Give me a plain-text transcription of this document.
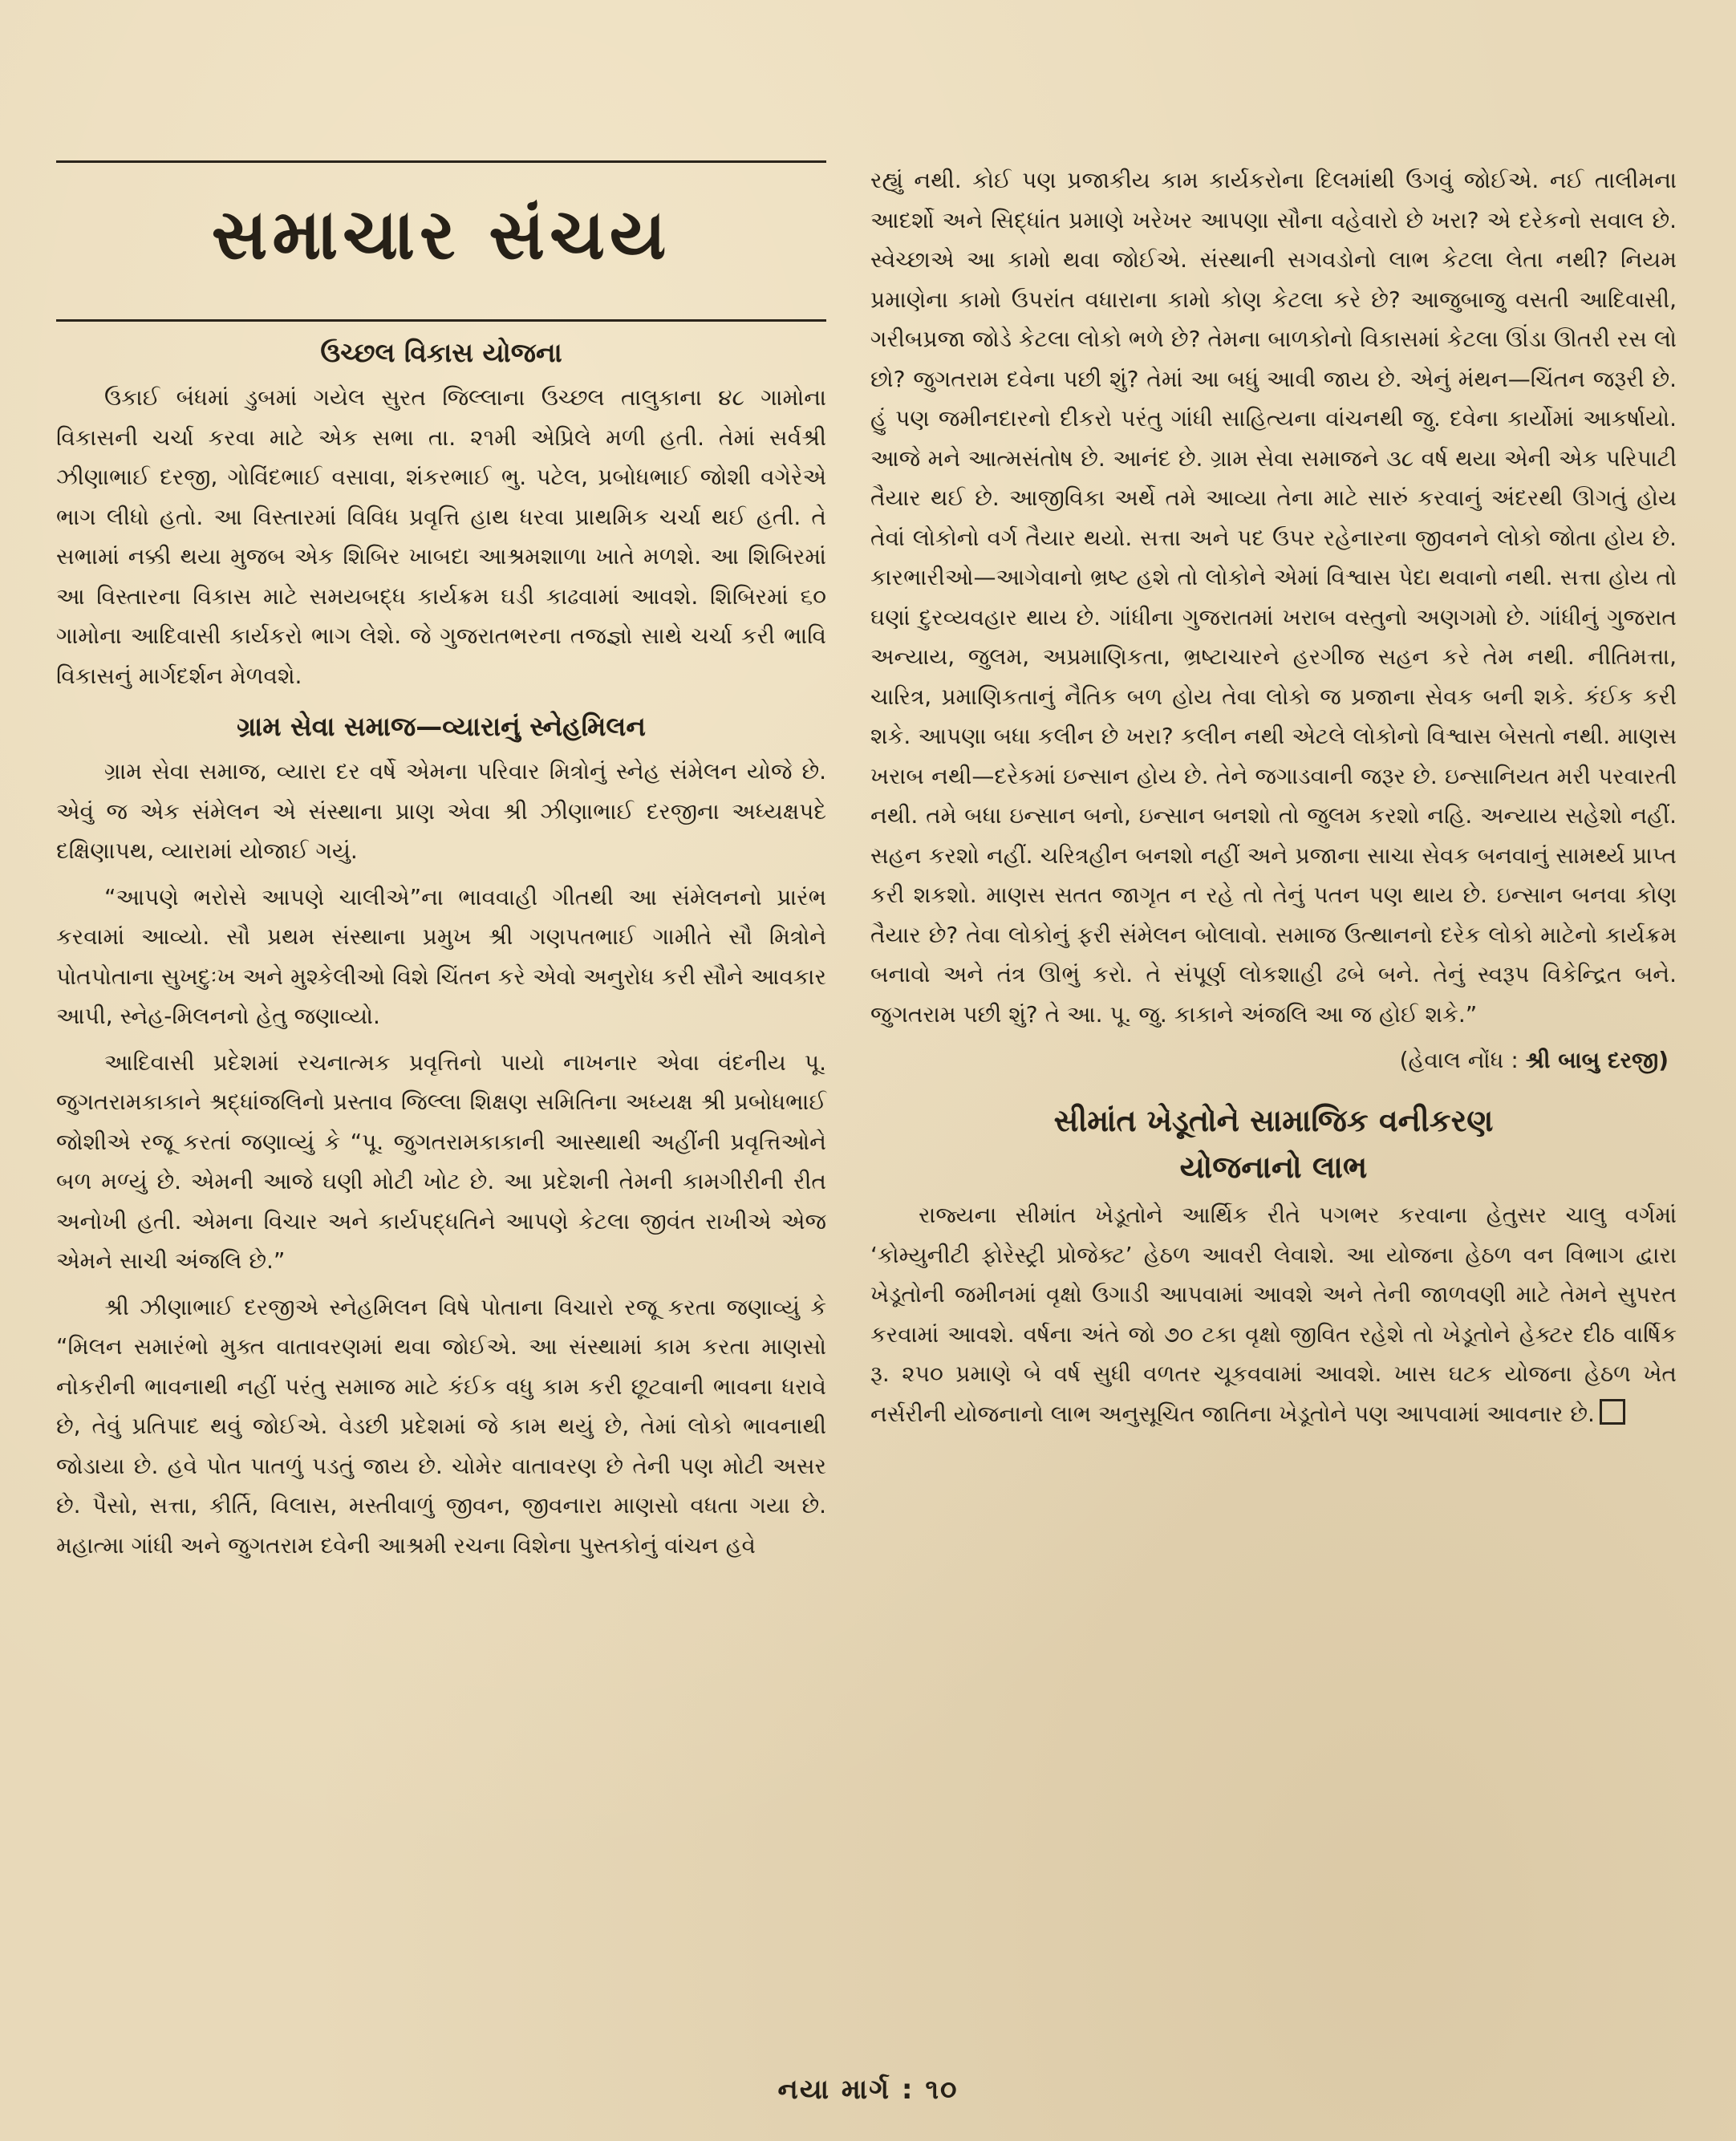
સમાચાર સંચય
ઉચ્છલ વિકાસ યોજના

ઉકાઈ બંધમાં ડુબમાં ગયેલ સુરત જિલ્લાના ઉચ્છલ તાલુકાના ૪૮ ગામોના વિકાસની ચર્ચા કરવા માટે એક સભા તા. ૨૧મી એપ્રિલે મળી હતી. તેમાં સર્વશ્રી ઝીણાભાઈ દરજી, ગોવિંદભાઈ વસાવા, શંકરભાઈ ભુ. પટેલ, પ્રબોધભાઈ જોશી વગેરેએ ભાગ લીધો હતો. આ વિસ્તારમાં વિવિધ પ્રવૃત્તિ હાથ ધરવા પ્રાથમિક ચર્ચા થઈ હતી. તે સભામાં નક્કી થયા મુજબ એક શિબિર ખાબદા આશ્રમશાળા ખાતે મળશે. આ શિબિરમાં આ વિસ્તારના વિકાસ માટે સમયબદ્ધ કાર્યક્રમ ઘડી કાઢવામાં આવશે. શિબિરમાં ૬૦ ગામોના આદિવાસી કાર્યકરો ભાગ લેશે. જે ગુજરાતભરના તજજ્ઞો સાથે ચર્ચા કરી ભાવિ વિકાસનું માર્ગદર્શન મેળવશે.

ગ્રામ સેવા સમાજ—વ્યારાનું સ્નેહમિલન

ગ્રામ સેવા સમાજ, વ્યારા દર વર્ષે એમના પરિવાર મિત્રોનું સ્નેહ સંમેલન યોજે છે. એવું જ એક સંમેલન એ સંસ્થાના પ્રાણ એવા શ્રી ઝીણાભાઈ દરજીના અધ્યક્ષપદે દક્ષિણાપથ, વ્યારામાં યોજાઈ ગયું.

“આપણે ભરોસે આપણે ચાલીએ”ના ભાવવાહી ગીતથી આ સંમેલનનો પ્રારંભ કરવામાં આવ્યો. સૌ પ્રથમ સંસ્થાના પ્રમુખ શ્રી ગણપતભાઈ ગામીતે સૌ મિત્રોને પોતપોતાના સુખદુઃખ અને મુશ્કેલીઓ વિશે ચિંતન કરે એવો અનુરોધ કરી સૌને આવકાર આપી, સ્નેહ-મિલનનો હેતુ જણાવ્યો.

આદિવાસી પ્રદેશમાં રચનાત્મક પ્રવૃત્તિનો પાયો નાખનાર એવા વંદનીય પૂ. જુગતરામકાકાને શ્રદ્ધાંજલિનો પ્રસ્તાવ જિલ્લા શિક્ષણ સમિતિના અધ્યક્ષ શ્રી પ્રબોધભાઈ જોશીએ રજૂ કરતાં જણાવ્યું કે “પૂ. જુગતરામકાકાની આસ્થાથી અહીંની પ્રવૃત્તિઓને બળ મળ્યું છે. એમની આજે ઘણી મોટી ખોટ છે. આ પ્રદેશની તેમની કામગીરીની રીત અનોખી હતી. એમના વિચાર અને કાર્યપદ્ધતિને આપણે કેટલા જીવંત રાખીએ એજ એમને સાચી અંજલિ છે.”

શ્રી ઝીણાભાઈ દરજીએ સ્નેહમિલન વિષે પોતાના વિચારો રજૂ કરતા જણાવ્યું કે “મિલન સમારંભો મુક્ત વાતાવરણમાં થવા જોઈએ. આ સંસ્થામાં કામ કરતા માણસો નોકરીની ભાવનાથી નહીં પરંતુ સમાજ માટે કંઈક વધુ કામ કરી છૂટવાની ભાવના ધરાવે છે, તેવું પ્રતિપાદ થવું જોઈએ. વેડછી પ્રદેશમાં જે કામ થયું છે, તેમાં લોકો ભાવનાથી જોડાયા છે. હવે પોત પાતળું પડતું જાય છે. ચોમેર વાતાવરણ છે તેની પણ મોટી અસર છે. પૈસો, સત્તા, કીર્તિ, વિલાસ, મસ્તીવાળું જીવન, જીવનારા માણસો વધતા ગયા છે. મહાત્મા ગાંધી અને જુગતરામ દવેની આશ્રમી રચના વિશેના પુસ્તકોનું વાંચન હવે

રહ્યું નથી. કોઈ પણ પ્રજાકીય કામ કાર્યકરોના દિલમાંથી ઉગવું જોઈએ. નઈ તાલીમના આદર્શો અને સિદ્ધાંત પ્રમાણે ખરેખર આપણા સૌના વહેવારો છે ખરા? એ દરેકનો સવાલ છે. સ્વેચ્છાએ આ કામો થવા જોઈએ. સંસ્થાની સગવડોનો લાભ કેટલા લેતા નથી? નિયમ પ્રમાણેના કામો ઉપરાંત વધારાના કામો કોણ કેટલા કરે છે? આજુબાજુ વસતી આદિવાસી, ગરીબપ્રજા જોડે કેટલા લોકો ભળે છે? તેમના બાળકોનો વિકાસમાં કેટલા ઊંડા ઊતરી રસ લો છો? જુગતરામ દવેના પછી શું? તેમાં આ બધું આવી જાય છે. એનું મંથન—ચિંતન જરૂરી છે. હું પણ જમીનદારનો દીકરો પરંતુ ગાંધી સાહિત્યના વાંચનથી જુ. દવેના કાર્યોમાં આકર્ષાયો. આજે મને આત્મસંતોષ છે. આનંદ છે. ગ્રામ સેવા સમાજને ૩૮ વર્ષ થયા એની એક પરિપાટી તૈયાર થઈ છે. આજીવિકા અર્થે તમે આવ્યા તેના માટે સારું કરવાનું અંદરથી ઊગતું હોય તેવાં લોકોનો વર્ગ તૈયાર થયો. સત્તા અને પદ ઉપર રહેનારના જીવનને લોકો જોતા હોય છે. કારભારીઓ—આગેવાનો ભ્રષ્ટ હશે તો લોકોને એમાં વિશ્વાસ પેદા થવાનો નથી. સત્તા હોય તો ઘણાં દુરવ્યવહાર થાય છે. ગાંધીના ગુજરાતમાં ખરાબ વસ્તુનો અણગમો છે. ગાંધીનું ગુજરાત અન્યાય, જુલમ, અપ્રમાણિકતા, ભ્રષ્ટાચારને હરગીજ સહન કરે તેમ નથી. નીતિમત્તા, ચારિત્ર, પ્રમાણિકતાનું નૈતિક બળ હોય તેવા લોકો જ પ્રજાના સેવક બની શકે. કંઈક કરી શકે. આપણા બધા કલીન છે ખરા? કલીન નથી એટલે લોકોનો વિશ્વાસ બેસતો નથી. માણસ ખરાબ નથી—દરેકમાં ઇન્સાન હોય છે. તેને જગાડવાની જરૂર છે. ઇન્સાનિયત મરી પરવારતી નથી. તમે બધા ઇન્સાન બનો, ઇન્સાન બનશો તો જુલમ કરશો નહિ. અન્યાય સહેશો નહીં. સહન કરશો નહીં. ચરિત્રહીન બનશો નહીં અને પ્રજાના સાચા સેવક બનવાનું સામર્થ્ય પ્રાપ્ત કરી શકશો. માણસ સતત જાગૃત ન રહે તો તેનું પતન પણ થાય છે. ઇન્સાન બનવા કોણ તૈયાર છે? તેવા લોકોનું ફરી સંમેલન બોલાવો. સમાજ ઉત્થાનનો દરેક લોકો માટેનો કાર્યક્રમ બનાવો અને તંત્ર ઊભું કરો. તે સંપૂર્ણ લોકશાહી ઢબે બને. તેનું સ્વરૂપ વિકેન્દ્રિત બને. જુગતરામ પછી શું? તે આ. પૂ. જુ. કાકાને અંજલિ આ જ હોઈ શકે.”

(હેવાલ નોંધ : શ્રી બાબુ દરજી)
સીમાંત ખેડૂતોને સામાજિક વનીકરણ
યોજનાનો લાભ

રાજ્યના સીમાંત ખેડૂતોને આર્થિક રીતે પગભર કરવાના હેતુસર ચાલુ વર્ગમાં ‘કોમ્યુનીટી ફોરેસ્ટ્રી પ્રોજેક્ટ’ હેઠળ આવરી લેવાશે. આ યોજના હેઠળ વન વિભાગ દ્વારા ખેડૂતોની જમીનમાં વૃક્ષો ઉગાડી આપવામાં આવશે અને તેની જાળવણી માટે તેમને સુપરત કરવામાં આવશે. વર્ષના અંતે જો ૭૦ ટકા વૃક્ષો જીવિત રહેશે તો ખેડૂતોને હેક્ટર દીઠ વાર્ષિક રૂ. ૨૫૦ પ્રમાણે બે વર્ષ સુધી વળતર ચૂકવવામાં આવશે. ખાસ ઘટક યોજના હેઠળ ખેત નર્સરીની યોજનાનો લાભ અનુસૂચિત જાતિના ખેડૂતોને પણ આપવામાં આવનાર છે.

નયા માર્ગ : ૧૦
